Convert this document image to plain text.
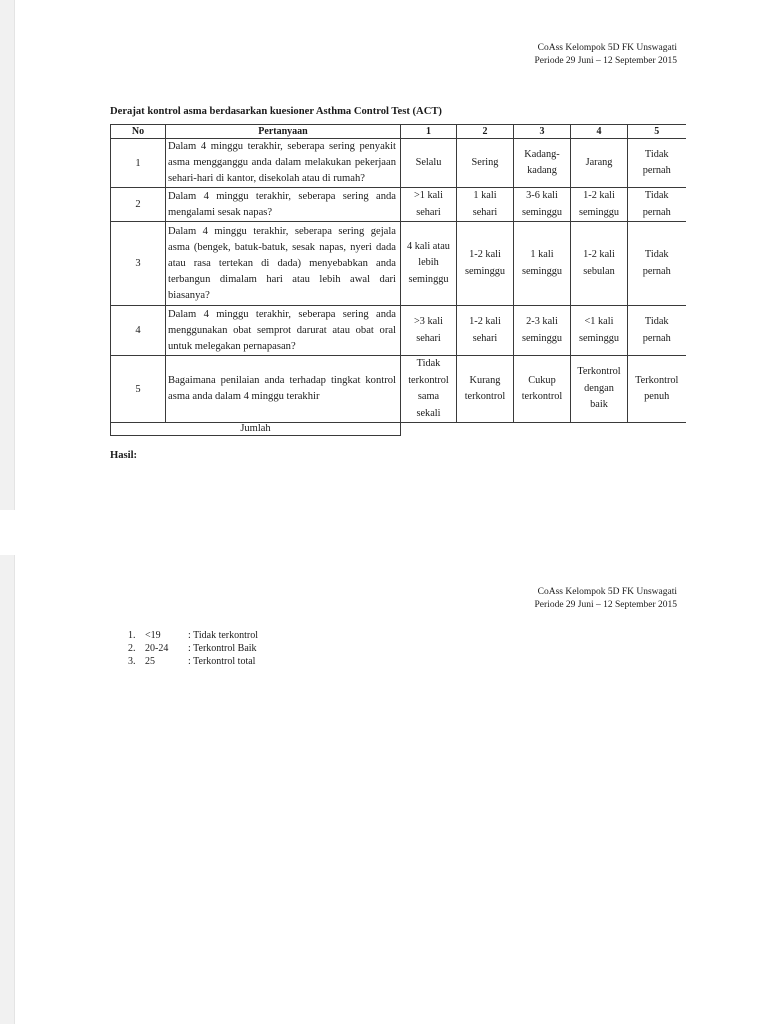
CoAss Kelompok 5D FK Unswagati
Periode 29 Juni – 12 September 2015
Derajat kontrol asma berdasarkan kuesioner Asthma Control Test (ACT)
No	Pertanyaan	1	2	3	4	5
1	Dalam 4 minggu terakhir, seberapa sering penyakit asma mengganggu anda dalam melakukan pekerjaan sehari-hari di kantor, disekolah atau di rumah?	Selalu	Sering	Kadang-kadang	Jarang	Tidak pernah
2	Dalam 4 minggu terakhir, seberapa sering anda mengalami sesak napas?	>1 kali sehari	1 kali sehari	3-6 kali seminggu	1-2 kali seminggu	Tidak pernah
3	Dalam 4 minggu terakhir, seberapa sering gejala asma (bengek, batuk-batuk, sesak napas, nyeri dada atau rasa tertekan di dada) menyebabkan anda terbangun dimalam hari atau lebih awal dari biasanya?	4 kali atau lebih seminggu	1-2 kali seminggu	1 kali seminggu	1-2 kali sebulan	Tidak pernah
4	Dalam 4 minggu terakhir, seberapa sering anda menggunakan obat semprot darurat atau obat oral untuk melegakan pernapasan?	>3 kali sehari	1-2 kali sehari	2-3 kali seminggu	<1 kali seminggu	Tidak pernah
5	Bagaimana penilaian anda terhadap tingkat kontrol asma anda dalam 4 minggu terakhir	Tidak terkontrol sama sekali	Kurang terkontrol	Cukup terkontrol	Terkontrol dengan baik	Terkontrol penuh
Jumlah						
Hasil:
CoAss Kelompok 5D FK Unswagati
Periode 29 Juni – 12 September 2015
1. <19	: Tidak terkontrol
2. 20-24	: Terkontrol Baik
3. 25	: Terkontrol total
